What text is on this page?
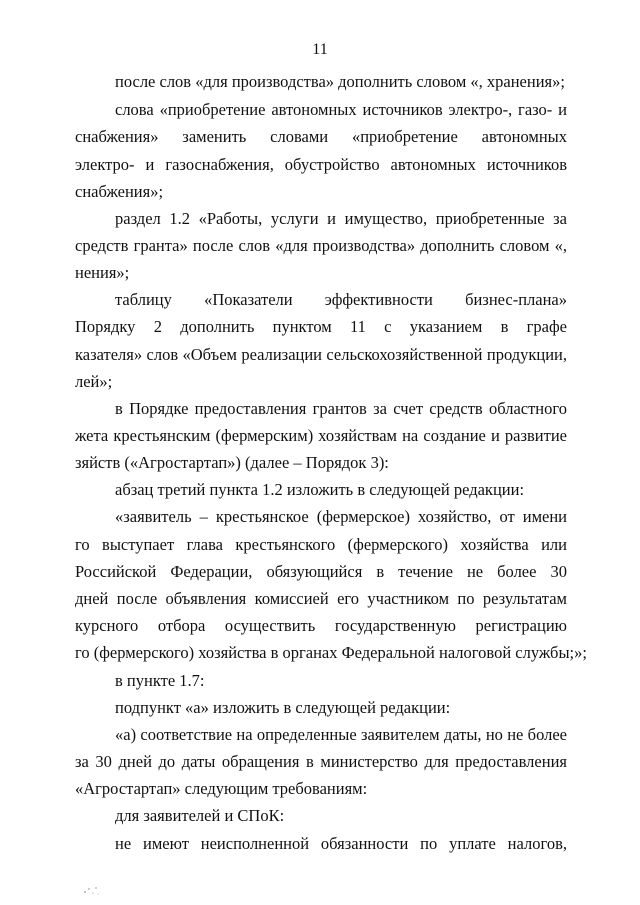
11
после слов «для производства» дополнить словом «, хранения»;
слова «приобретение автономных источников электро-, газо- и
снабжения» заменить словами «приобретение автономных
электро- и газоснабжения, обустройство автономных источников
снабжения»;
раздел 1.2 «Работы, услуги и имущество, приобретенные за
средств гранта» после слов «для производства» дополнить словом «,
нения»;
таблицу «Показатели эффективности бизнес-плана»
Порядку 2 дополнить пунктом 11 с указанием в графе
казателя» слов «Объем реализации сельскохозяйственной продукции,
лей»;
в Порядке предоставления грантов за счет средств областного
жета крестьянским (фермерским) хозяйствам на создание и развитие
зяйств («Агростартап») (далее – Порядок 3):
абзац третий пункта 1.2 изложить в следующей редакции:
«заявитель – крестьянское (фермерское) хозяйство, от имени
го выступает глава крестьянского (фермерского) хозяйства или
Российской Федерации, обязующийся в течение не более 30
дней после объявления комиссией его участником по результатам
курсного отбора осуществить государственную регистрацию
го (фермерского) хозяйства в органах Федеральной налоговой службы;»;
в пункте 1.7:
подпункт «а» изложить в следующей редакции:
«а) соответствие на определенные заявителем даты, но не более
за 30 дней до даты обращения в министерство для предоставления
«Агростартап» следующим требованиям:
для заявителей и СПоК:
не имеют неисполненной обязанности по уплате налогов,
